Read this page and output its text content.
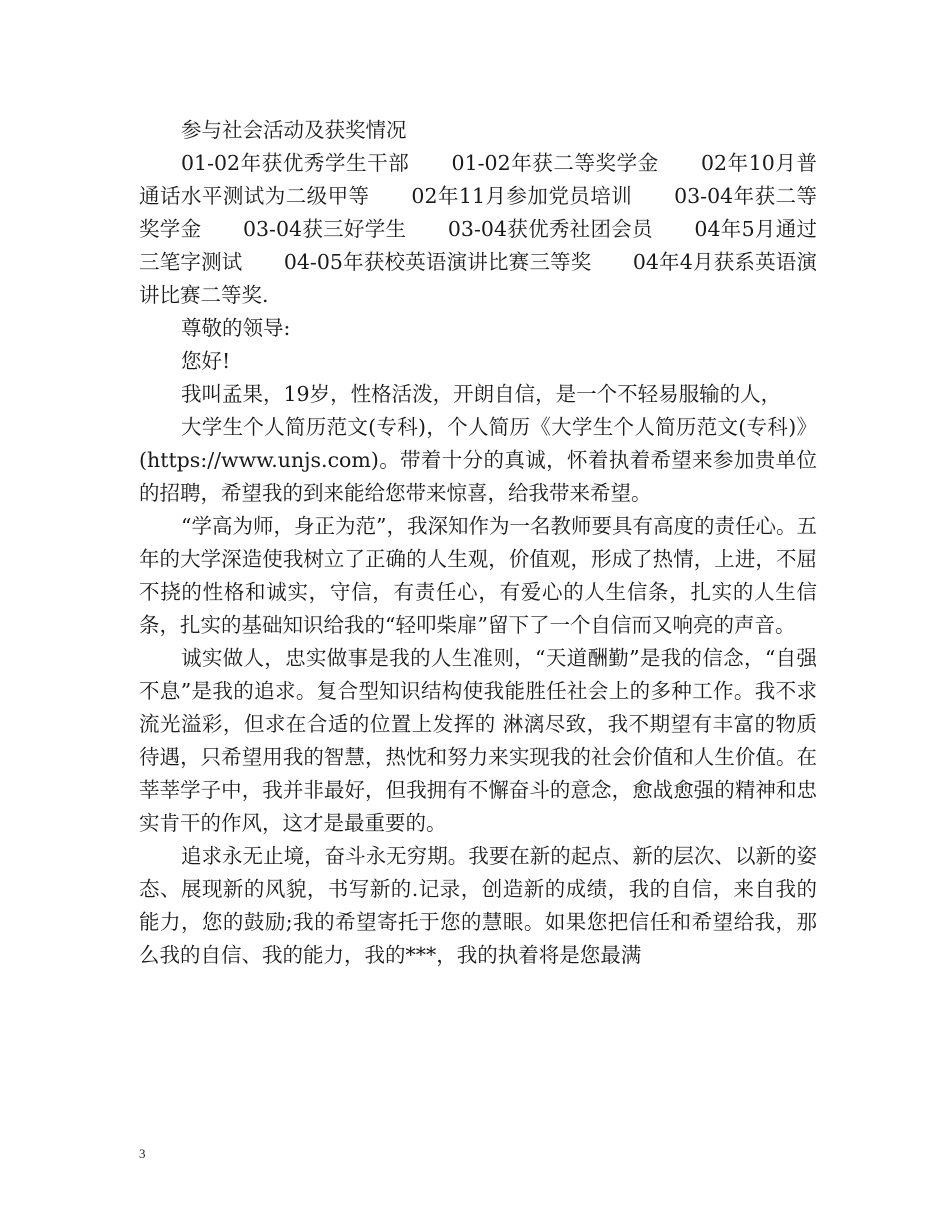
参与社会活动及获奖情况

01-02年获优秀学生干部　　01-02年获二等奖学金　　02年10月普通话水平测试为二级甲等　　02年11月参加党员培训　　03-04年获二等奖学金　　03-04获三好学生　　03-04获优秀社团会员　　04年5月通过三笔字测试　　04-05年获校英语演讲比赛三等奖　　04年4月获系英语演讲比赛二等奖.

尊敬的领导:

您好!

我叫孟果，19岁，性格活泼，开朗自信，是一个不轻易服输的人，

大学生个人简历范文(专科)，个人简历《大学生个人简历范文(专科)》(https://www.unjs.com)。带着十分的真诚，怀着执着希望来参加贵单位的招聘，希望我的到来能给您带来惊喜，给我带来希望。

“学高为师，身正为范”，我深知作为一名教师要具有高度的责任心。五年的大学深造使我树立了正确的人生观，价值观，形成了热情，上进，不屈不挠的性格和诚实，守信，有责任心，有爱心的人生信条，扎实的人生信条，扎实的基础知识给我的“轻叩柴扉”留下了一个自信而又响亮的声音。

诚实做人，忠实做事是我的人生准则，“天道酬勤”是我的信念，“自强不息”是我的追求。复合型知识结构使我能胜任社会上的多种工作。我不求流光溢彩，但求在合适的位置上发挥的 淋漓尽致，我不期望有丰富的物质待遇，只希望用我的智慧，热忱和努力来实现我的社会价值和人生价值。在莘莘学子中，我并非最好，但我拥有不懈奋斗的意念，愈战愈强的精神和忠实肯干的作风，这才是最重要的。

追求永无止境，奋斗永无穷期。我要在新的起点、新的层次、以新的姿态、展现新的风貌，书写新的.记录，创造新的成绩，我的自信，来自我的能力，您的鼓励;我的希望寄托于您的慧眼。如果您把信任和希望给我，那么我的自信、我的能力，我的***，我的执着将是您最满

3
